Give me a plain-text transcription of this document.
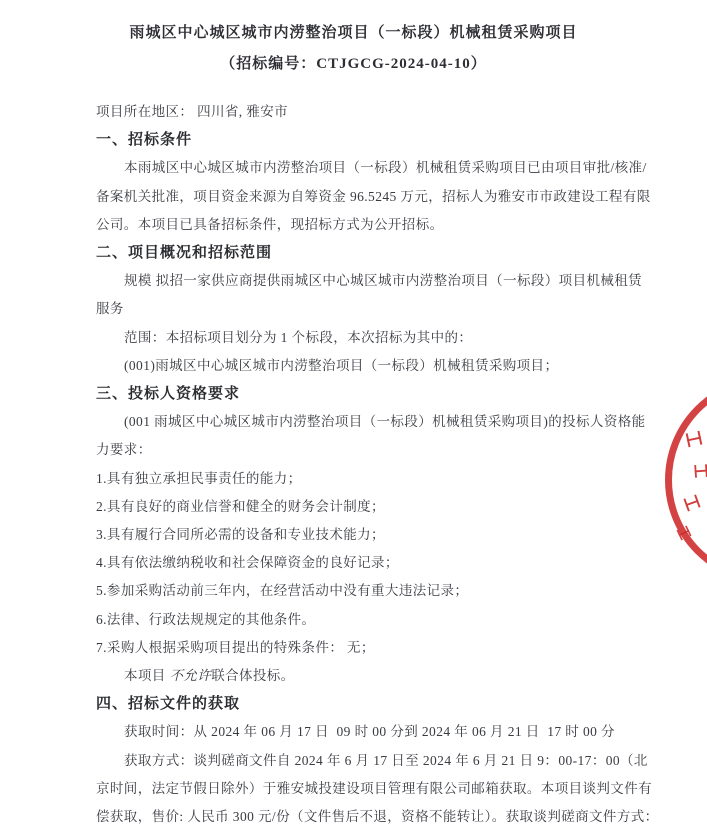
雨城区中心城区城市内涝整治项目（一标段）机械租赁采购项目
（招标编号：CTJGCG-2024-04-10）
项目所在地区： 四川省, 雅安市
一、招标条件
本雨城区中心城区城市内涝整治项目（一标段）机械租赁采购项目已由项目审批/核准/
备案机关批准，项目资金来源为自筹资金 96.5245 万元，招标人为雅安市市政建设工程有限
公司。本项目已具备招标条件，现招标方式为公开招标。
二、项目概况和招标范围
规模 拟招一家供应商提供雨城区中心城区城市内涝整治项目（一标段）项目机械租赁
服务
范围：本招标项目划分为 1 个标段，本次招标为其中的：
(001)雨城区中心城区城市内涝整治项目（一标段）机械租赁采购项目；
三、投标人资格要求
(001 雨城区中心城区城市内涝整治项目（一标段）机械租赁采购项目)的投标人资格能
力要求：
1.具有独立承担民事责任的能力；
2.具有良好的商业信誉和健全的财务会计制度；
3.具有履行合同所必需的设备和专业技术能力；
4.具有依法缴纳税收和社会保障资金的良好记录；
5.参加采购活动前三年内，在经营活动中没有重大违法记录；
6.法律、行政法规规定的其他条件。
7.采购人根据采购项目提出的特殊条件： 无；
本项目 不允许联合体投标。
四、招标文件的获取
获取时间：从 2024 年 06 月 17 日  09 时 00 分到 2024 年 06 月 21 日  17 时 00 分
获取方式：谈判磋商文件自 2024 年 6 月 17 日至 2024 年 6 月 21 日 9：00-17：00（北
京时间，法定节假日除外）于雅安城投建设项目管理有限公司邮箱获取。本项目谈判文件有
偿获取，售价: 人民币 300 元/份（文件售后不退，资格不能转让）。获取谈判磋商文件方式：
